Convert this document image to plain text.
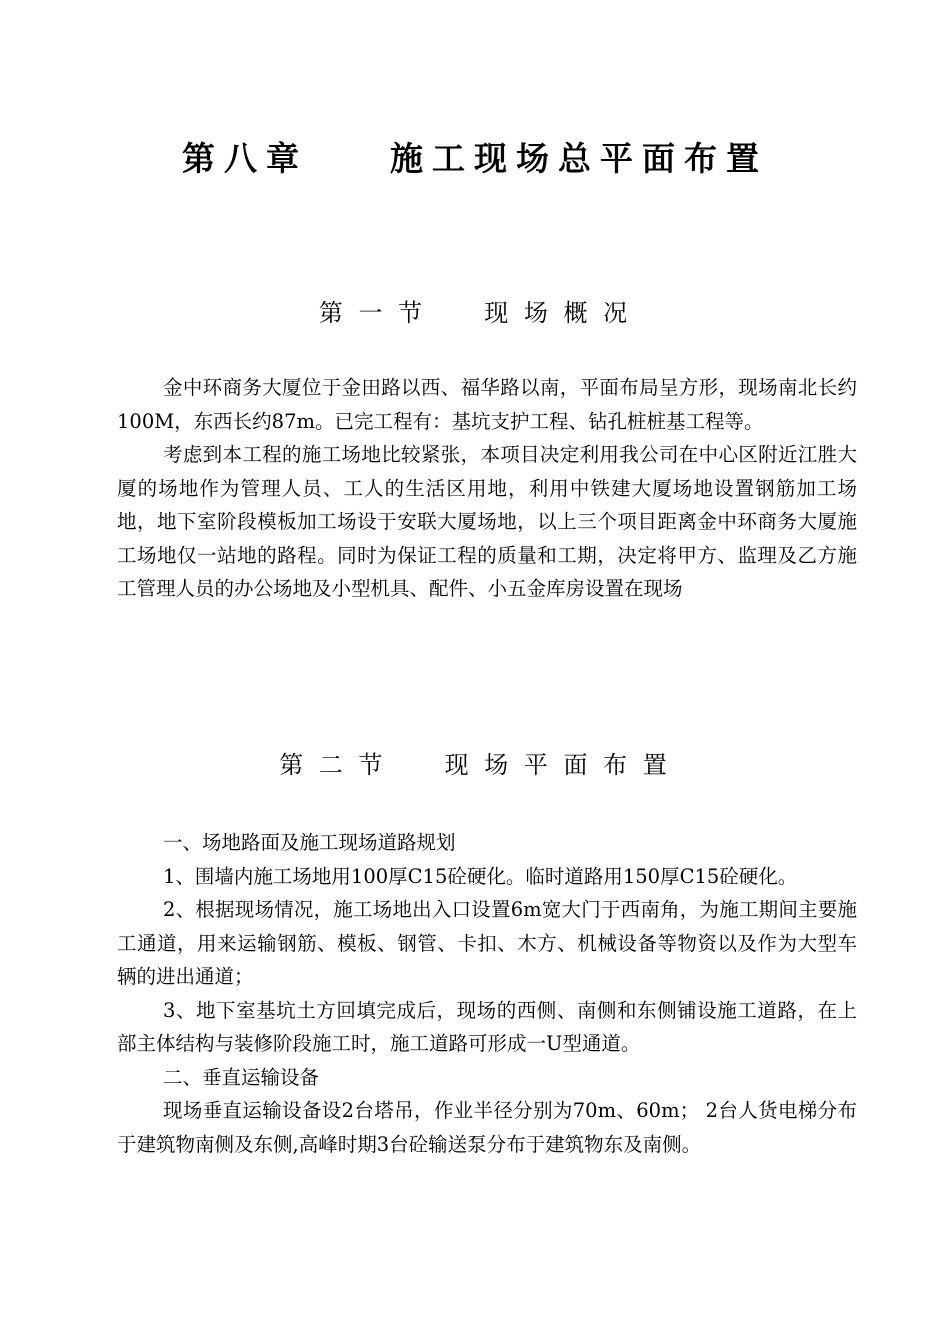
第八章    施工现场总平面布置
第 一 节     现 场 概 况

金中环商务大厦位于金田路以西、福华路以南，平面布局呈方形，现场南北长约100M，东西长约87m。已完工程有：基坑支护工程、钻孔桩桩基工程等。

考虑到本工程的施工场地比较紧张，本项目决定利用我公司在中心区附近江胜大厦的场地作为管理人员、工人的生活区用地，利用中铁建大厦场地设置钢筋加工场地，地下室阶段模板加工场设于安联大厦场地，以上三个项目距离金中环商务大厦施工场地仅一站地的路程。同时为保证工程的质量和工期，决定将甲方、监理及乙方施工管理人员的办公场地及小型机具、配件、小五金库房设置在现场

第 二 节     现 场 平 面 布 置

一、场地路面及施工现场道路规划

1、围墙内施工场地用100厚C15砼硬化。临时道路用150厚C15砼硬化。

2、根据现场情况，施工场地出入口设置6m宽大门于西南角，为施工期间主要施工通道，用来运输钢筋、模板、钢管、卡扣、木方、机械设备等物资以及作为大型车辆的进出通道；

3、地下室基坑土方回填完成后，现场的西侧、南侧和东侧铺设施工道路，在上部主体结构与装修阶段施工时，施工道路可形成一U型通道。

二、垂直运输设备

现场垂直运输设备设2台塔吊，作业半径分别为70m、60m； 2台人货电梯分布于建筑物南侧及东侧,高峰时期3台砼输送泵分布于建筑物东及南侧。
